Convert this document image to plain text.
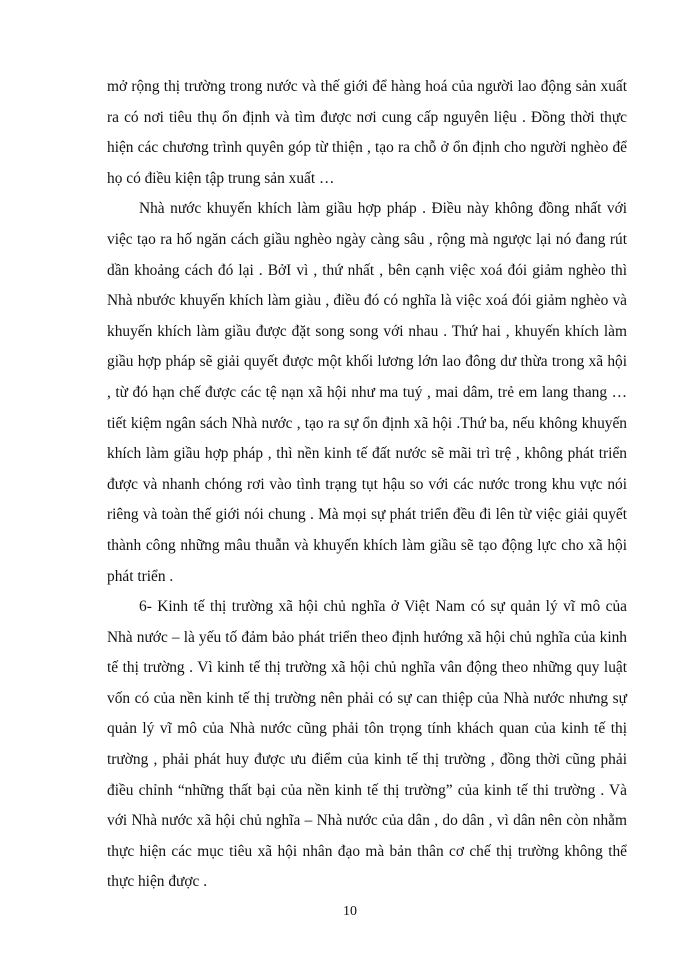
mở rộng thị trường trong nước và thế giới để hàng hoá của người lao động sản xuất ra có nơi tiêu thụ ổn định và tìm được nơi cung cấp nguyên liệu . Đồng thời thực hiện các chương trình quyên góp từ thiện , tạo ra chỗ ở ổn định cho người nghèo để họ có điều kiện tập trung sản xuất …

Nhà nước khuyến khích làm giầu hợp pháp . Điều này không đồng nhất với việc tạo ra hố ngăn cách giầu nghèo ngày càng sâu , rộng mà ngược lại nó đang rút dần khoảng cách đó lại . BởI vì , thứ nhất , bên cạnh việc xoá đói giảm nghèo thì Nhà nbước khuyến khích làm giàu , điều đó có nghĩa là việc xoá đói giảm nghèo và khuyến khích làm giầu được đặt song song với nhau . Thứ hai , khuyến khích làm giầu hợp pháp sẽ giải quyết được một khối lương lớn lao đông dư thừa trong xã hội , từ đó hạn chế được các tệ nạn xã hội như ma tuý , mai dâm, trẻ em lang thang …tiết kiệm ngân sách Nhà nước , tạo ra sự ổn định xã hội .Thứ ba, nếu không khuyến khích làm giầu hợp pháp , thì nền kinh tế đất nước sẽ mãi trì trệ , không phát triển được và nhanh chóng rơi vào tình trạng tụt hậu so với các nước trong khu vực nói riêng và toàn thế giới nói chung . Mà mọi sự phát triển đều đi lên từ việc giải quyết thành công những mâu thuẫn và khuyến khích làm giầu sẽ tạo động lực cho xã hội phát triển .

6- Kinh tế thị trường xã hội chủ nghĩa ở Việt Nam có sự quản lý vĩ mô của Nhà nước – là yếu tố đảm bảo phát triển theo định hướng xã hội chủ nghĩa của kinh tế thị trường . Vì kinh tế thị trường xã hội chủ nghĩa vân động theo những quy luật vốn có của nền kinh tế thị trường nên phải có sự can thiệp của Nhà nước nhưng sự quản lý vĩ mô của Nhà nước cũng phải tôn trọng tính khách quan của kinh tế thị trường , phải phát huy được ưu điểm của kinh tế thị trường , đồng thời cũng phải điều chỉnh “những thất bại của nền kinh tế thị trường” của kinh tế thi trường . Và với Nhà nước xã hội chủ nghĩa – Nhà nước của dân , do dân , vì dân nên còn nhằm thực hiện các mục tiêu xã hội nhân đạo mà bản thân cơ chế thị trường không thể thực hiện được .

10
